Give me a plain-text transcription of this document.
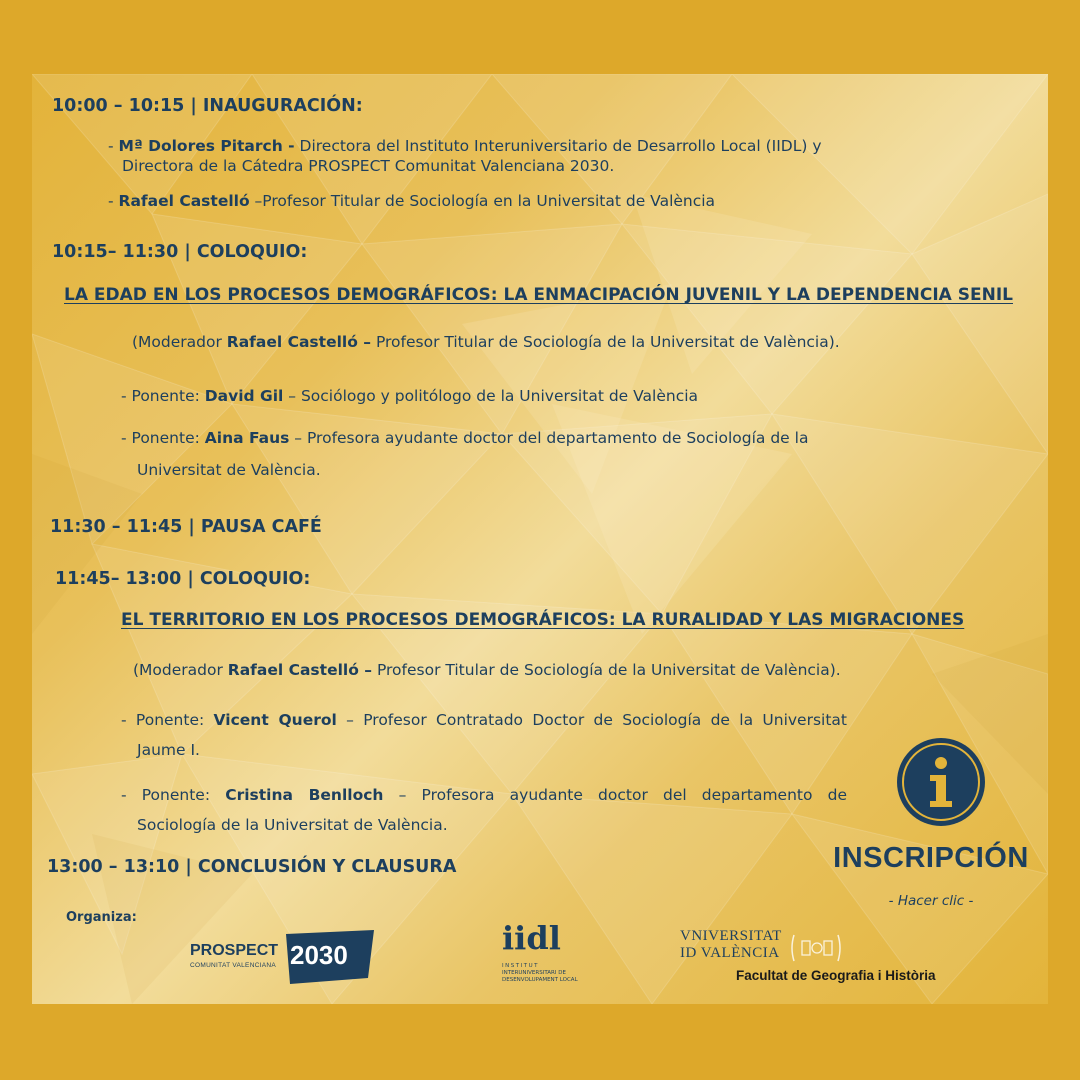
10:00 – 10:15 | INAUGURACIÓN:
- Mª Dolores Pitarch - Directora del Instituto Interuniversitario de Desarrollo Local (IIDL) y
Directora de la Cátedra PROSPECT Comunitat Valenciana 2030.
- Rafael Castelló –Profesor Titular de Sociología en la Universitat de València
10:15– 11:30 | COLOQUIO:
LA EDAD EN LOS PROCESOS DEMOGRÁFICOS: LA ENMACIPACIÓN JUVENIL Y LA DEPENDENCIA SENIL
(Moderador Rafael Castelló – Profesor Titular de Sociología de la Universitat de València).
- Ponente: David Gil – Sociólogo y politólogo de la Universitat de València
- Ponente: Aina Faus – Profesora ayudante doctor del departamento de Sociología de la
Universitat de València.
11:30 – 11:45 | PAUSA CAFÉ
11:45– 13:00 | COLOQUIO:
EL TERRITORIO EN LOS PROCESOS DEMOGRÁFICOS: LA RURALIDAD Y LAS MIGRACIONES
(Moderador Rafael Castelló – Profesor Titular de Sociología de la Universitat de València).
- Ponente: Vicent Querol – Profesor Contratado Doctor de Sociología de la Universitat
Jaume I.
- Ponente: Cristina Benlloch – Profesora ayudante doctor del departamento de
Sociología de la Universitat de València.
13:00 – 13:10 | CONCLUSIÓN Y CLAUSURA	INSCRIPCIÓN
- Hacer clic -
Organiza:
PROSPECT
COMUNITAT VALENCIANA 2030	iidl
INSTITUT
INTERUNIVERSITARI DE
DESENVOLUPAMENT LOCAL
VNIVERSITAT
ID VALÈNCIA
Facultat de Geografia i Història
